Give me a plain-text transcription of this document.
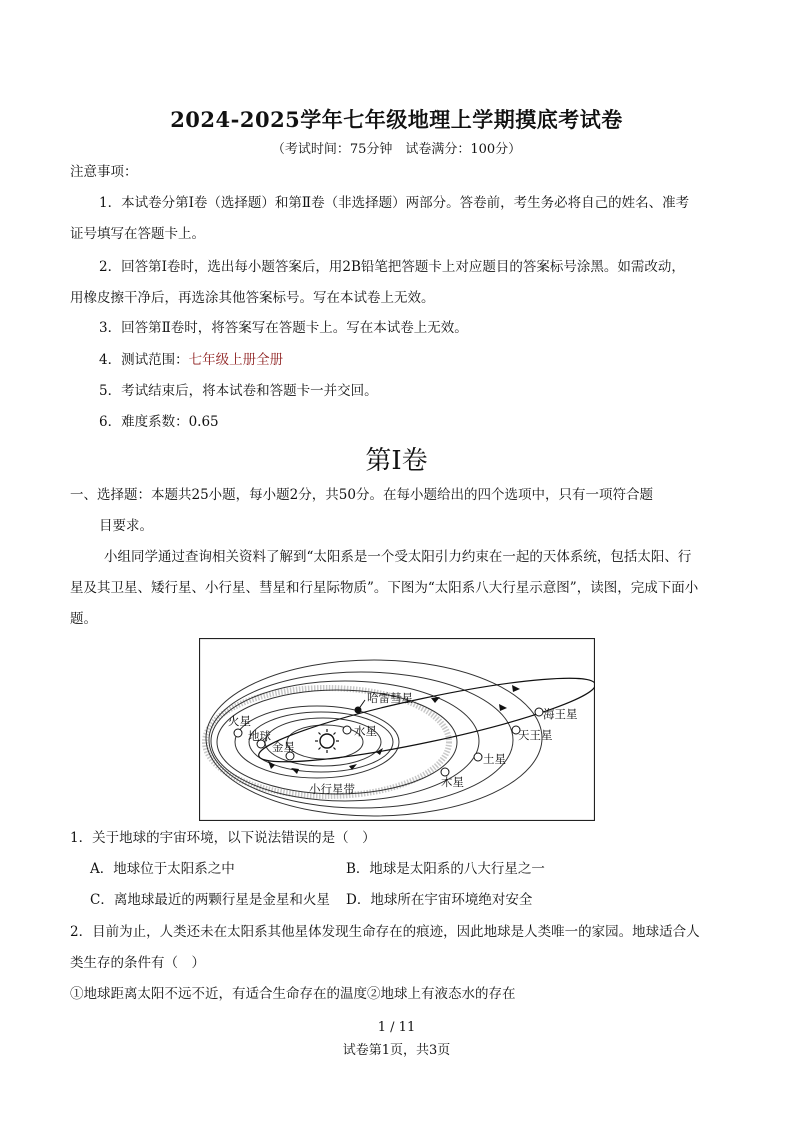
2024-2025学年七年级地理上学期摸底考试卷
（考试时间：75分钟　试卷满分：100分）
注意事项：
1．本试卷分第Ⅰ卷（选择题）和第Ⅱ卷（非选择题）两部分。答卷前，考生务必将自己的姓名、准考
证号填写在答题卡上。
2．回答第Ⅰ卷时，选出每小题答案后，用2B铅笔把答题卡上对应题目的答案标号涂黑。如需改动，
用橡皮擦干净后，再选涂其他答案标号。写在本试卷上无效。
3．回答第Ⅱ卷时，将答案写在答题卡上。写在本试卷上无效。
4．测试范围：七年级上册全册
5．考试结束后，将本试卷和答题卡一并交回。
6．难度系数：0.65
第Ⅰ卷
一、选择题：本题共25小题，每小题2分，共50分。在每小题给出的四个选项中，只有一项符合题
目要求。
小组同学通过查询相关资料了解到“太阳系是一个受太阳引力约束在一起的天体系统，包括太阳、行
星及其卫星、矮行星、小行星、彗星和行星际物质”。下图为“太阳系八大行星示意图”，读图，完成下面小
题。
哈雷彗星
海王星
火星
地球	水星	天王星
金星
土星
木星
小行星带
1．关于地球的宇宙环境，以下说法错误的是（　）
A．地球位于太阳系之中	B．地球是太阳系的八大行星之一
C．离地球最近的两颗行星是金星和火星 D．地球所在宇宙环境绝对安全
2．目前为止，人类还未在太阳系其他星体发现生命存在的痕迹，因此地球是人类唯一的家园。地球适合人
类生存的条件有（　）
①地球距离太阳不远不近，有适合生命存在的温度②地球上有液态水的存在
1 / 11
试卷第1页，共3页
